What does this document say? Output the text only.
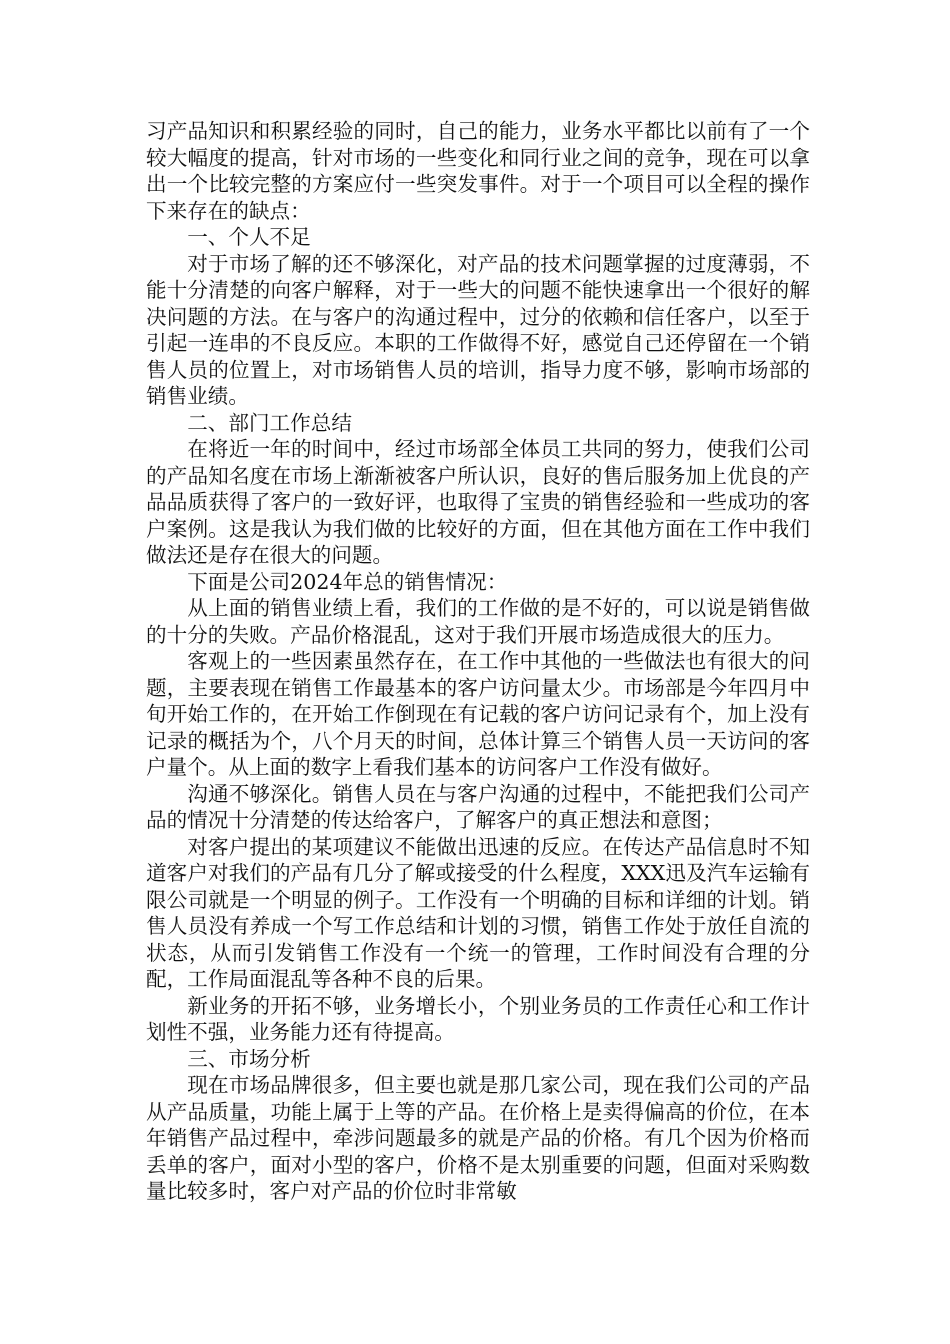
习产品知识和积累经验的同时，自己的能力，业务水平都比以前有了一个较大幅度的提高，针对市场的一些变化和同行业之间的竞争，现在可以拿出一个比较完整的方案应付一些突发事件。对于一个项目可以全程的操作下来存在的缺点：

一、个人不足

对于市场了解的还不够深化，对产品的技术问题掌握的过度薄弱，不能十分清楚的向客户解释，对于一些大的问题不能快速拿出一个很好的解决问题的方法。在与客户的沟通过程中，过分的依赖和信任客户，以至于引起一连串的不良反应。本职的工作做得不好，感觉自己还停留在一个销售人员的位置上，对市场销售人员的培训，指导力度不够，影响市场部的销售业绩。

二、部门工作总结

在将近一年的时间中，经过市场部全体员工共同的努力，使我们公司的产品知名度在市场上渐渐被客户所认识，良好的售后服务加上优良的产品品质获得了客户的一致好评，也取得了宝贵的销售经验和一些成功的客户案例。这是我认为我们做的比较好的方面，但在其他方面在工作中我们做法还是存在很大的问题。

下面是公司2024年总的销售情况：

从上面的销售业绩上看，我们的工作做的是不好的，可以说是销售做的十分的失败。产品价格混乱，这对于我们开展市场造成很大的压力。

客观上的一些因素虽然存在，在工作中其他的一些做法也有很大的问题，主要表现在销售工作最基本的客户访问量太少。市场部是今年四月中旬开始工作的，在开始工作倒现在有记载的客户访问记录有个，加上没有记录的概括为个，八个月天的时间，总体计算三个销售人员一天访问的客户量个。从上面的数字上看我们基本的访问客户工作没有做好。

沟通不够深化。销售人员在与客户沟通的过程中，不能把我们公司产品的情况十分清楚的传达给客户，了解客户的真正想法和意图；

对客户提出的某项建议不能做出迅速的反应。在传达产品信息时不知道客户对我们的产品有几分了解或接受的什么程度，XXX迅及汽车运输有限公司就是一个明显的例子。工作没有一个明确的目标和详细的计划。销售人员没有养成一个写工作总结和计划的习惯，销售工作处于放任自流的状态，从而引发销售工作没有一个统一的管理，工作时间没有合理的分配，工作局面混乱等各种不良的后果。

新业务的开拓不够，业务增长小，个别业务员的工作责任心和工作计划性不强，业务能力还有待提高。

三、市场分析

现在市场品牌很多，但主要也就是那几家公司，现在我们公司的产品从产品质量，功能上属于上等的产品。在价格上是卖得偏高的价位，在本年销售产品过程中，牵涉问题最多的就是产品的价格。有几个因为价格而丢单的客户，面对小型的客户，价格不是太别重要的问题，但面对采购数量比较多时，客户对产品的价位时非常敏
